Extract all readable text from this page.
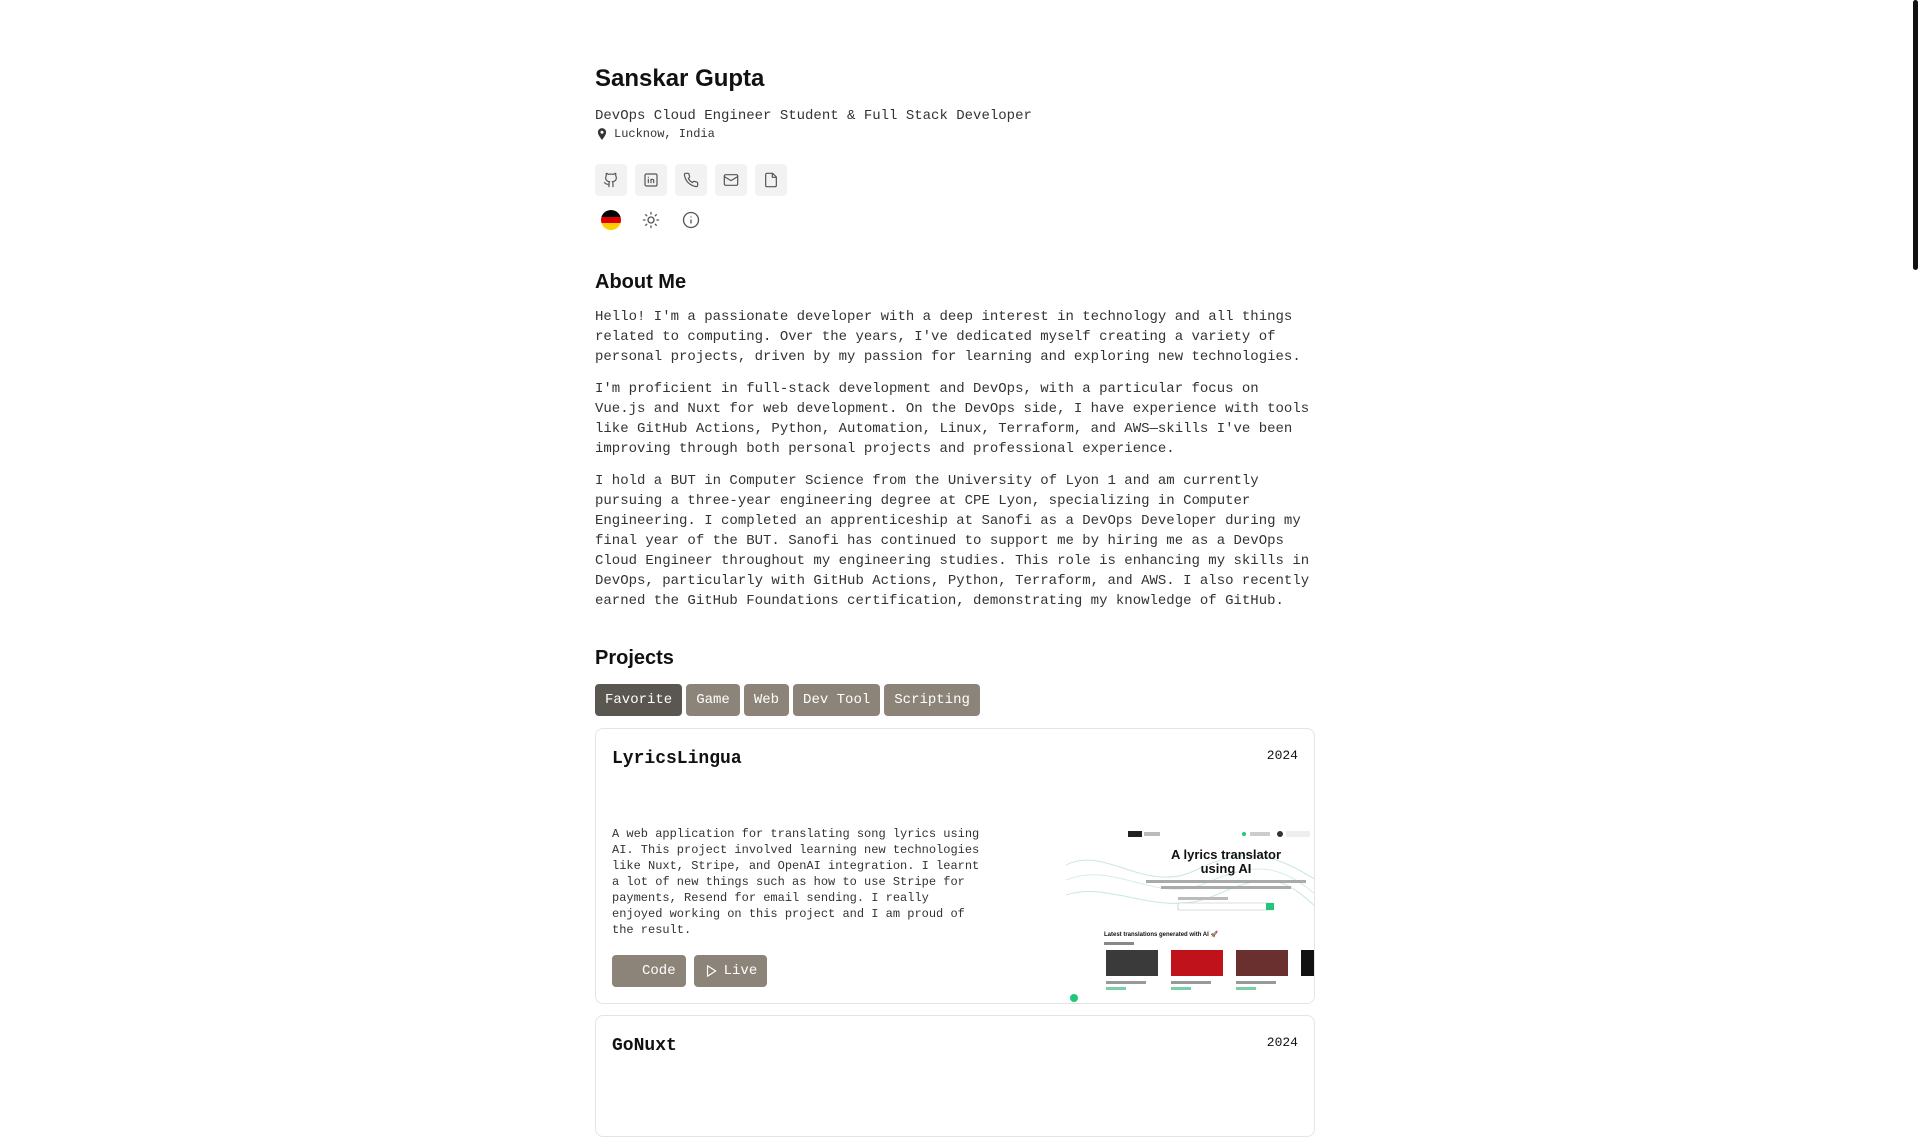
Sanskar Gupta
DevOps Cloud Engineer Student & Full Stack Developer
Lucknow, India
About Me

Hello! I'm a passionate developer with a deep interest in technology and all things related to computing. Over the years, I've dedicated myself creating a variety of personal projects, driven by my passion for learning and exploring new technologies.

I'm proficient in full-stack development and DevOps, with a particular focus on Vue.js and Nuxt for web development. On the DevOps side, I have experience with tools like GitHub Actions, Python, Automation, Linux, Terraform, and AWS—skills I've been improving through both personal projects and professional experience.

I hold a BUT in Computer Science from the University of Lyon 1 and am currently pursuing a three-year engineering degree at CPE Lyon, specializing in Computer Engineering. I completed an apprenticeship at Sanofi as a DevOps Developer during my final year of the BUT. Sanofi has continued to support me by hiring me as a DevOps Cloud Engineer throughout my engineering studies. This role is enhancing my skills in DevOps, particularly with GitHub Actions, Python, Terraform, and AWS. I also recently earned the GitHub Foundations certification, demonstrating my knowledge of GitHub.

Projects
Favorite	Game	Web	Dev Tool	Scripting
LyricsLingua	2024
A web application for translating song lyrics using AI. This project involved learning new technologies like Nuxt, Stripe, and OpenAI integration. I learnt a lot of new things such as how to use Stripe for payments, Resend for email sending. I really enjoyed working on this project and I am proud of the result.
Code	Live
A lyrics translator
using AI
Latest translations generated with AI 🚀
GoNuxt	2024
